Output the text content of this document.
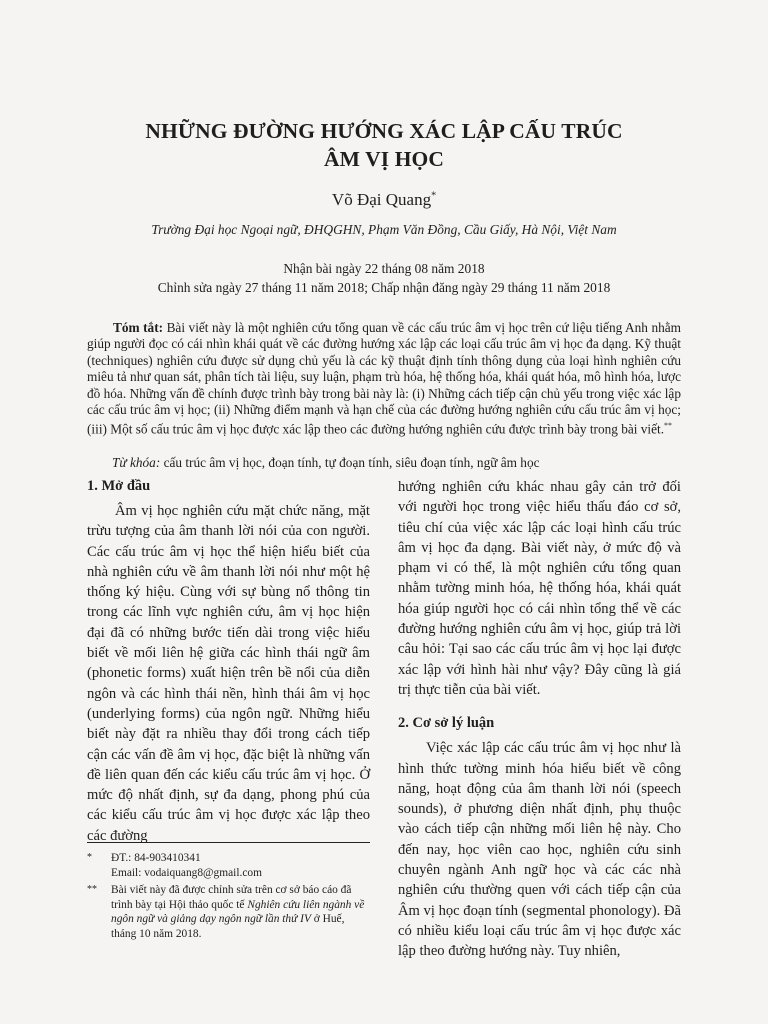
NHỮNG ĐƯỜNG HƯỚNG XÁC LẬP CẤU TRÚC
ÂM VỊ HỌC
Võ Đại Quang*
Trường Đại học Ngoại ngữ, ĐHQGHN, Phạm Văn Đồng, Cầu Giấy, Hà Nội, Việt Nam
Nhận bài ngày 22 tháng 08 năm 2018
Chỉnh sửa ngày 27 tháng 11 năm 2018; Chấp nhận đăng ngày 29 tháng 11 năm 2018
Tóm tắt: Bài viết này là một nghiên cứu tổng quan về các cấu trúc âm vị học trên cứ liệu tiếng Anh nhằm giúp người đọc có cái nhìn khái quát về các đường hướng xác lập các loại cấu trúc âm vị học đa dạng. Kỹ thuật (techniques) nghiên cứu được sử dụng chủ yếu là các kỹ thuật định tính thông dụng của loại hình nghiên cứu miêu tả như quan sát, phân tích tài liệu, suy luận, phạm trù hóa, hệ thống hóa, khái quát hóa, mô hình hóa, lược đồ hóa. Những vấn đề chính được trình bày trong bài này là: (i) Những cách tiếp cận chủ yếu trong việc xác lập các cấu trúc âm vị học; (ii) Những điểm mạnh và hạn chế của các đường hướng nghiên cứu cấu trúc âm vị học; (iii) Một số cấu trúc âm vị học được xác lập theo các đường hướng nghiên cứu được trình bày trong bài viết.**
Từ khóa: cấu trúc âm vị học, đoạn tính, tự đoạn tính, siêu đoạn tính, ngữ âm học
1. Mở đầu

Âm vị học nghiên cứu mặt chức năng, mặt trừu tượng của âm thanh lời nói của con người. Các cấu trúc âm vị học thể hiện hiểu biết của nhà nghiên cứu về âm thanh lời nói như một hệ thống ký hiệu. Cùng với sự bùng nổ thông tin trong các lĩnh vực nghiên cứu, âm vị học hiện đại đã có những bước tiến dài trong việc hiểu biết về mối liên hệ giữa các hình thái ngữ âm (phonetic forms) xuất hiện trên bề nổi của diễn ngôn và các hình thái nền, hình thái âm vị học (underlying forms) của ngôn ngữ. Những hiểu biết này đặt ra nhiều thay đổi trong cách tiếp cận các vấn đề âm vị học, đặc biệt là những vấn đề liên quan đến các kiểu cấu trúc âm vị học. Ở mức độ nhất định, sự đa dạng, phong phú của các kiểu cấu trúc âm vị học được xác lập theo các đường

hướng nghiên cứu khác nhau gây cản trở đối với người học trong việc hiểu thấu đáo cơ sở, tiêu chí của việc xác lập các loại hình cấu trúc âm vị học đa dạng. Bài viết này, ở mức độ và phạm vi có thể, là một nghiên cứu tổng quan nhằm tường minh hóa, hệ thống hóa, khái quát hóa giúp người học có cái nhìn tổng thể về các đường hướng nghiên cứu âm vị học, giúp trả lời câu hỏi: Tại sao các cấu trúc âm vị học lại được xác lập với hình hài như vậy? Đây cũng là giá trị thực tiễn của bài viết.

2. Cơ sở lý luận

Việc xác lập các cấu trúc âm vị học như là hình thức tường minh hóa hiểu biết về công năng, hoạt động của âm thanh lời nói (speech sounds), ở phương diện nhất định, phụ thuộc vào cách tiếp cận những mối liên hệ này. Cho đến nay, học viên cao học, nghiên cứu sinh chuyên ngành Anh ngữ học và các các nhà nghiên cứu thường quen với cách tiếp cận của Âm vị học đoạn tính (segmental phonology). Đã có nhiều kiểu loại cấu trúc âm vị học được xác lập theo đường hướng này. Tuy nhiên,

*	ĐT.: 84-903410341
Email: vodaiquang8@gmail.com
**	Bài viết này đã được chỉnh sửa trên cơ sở báo cáo đã trình bày tại Hội thảo quốc tế Nghiên cứu liên ngành về ngôn ngữ và giảng dạy ngôn ngữ lần thứ IV ở Huế, tháng 10 năm 2018.
